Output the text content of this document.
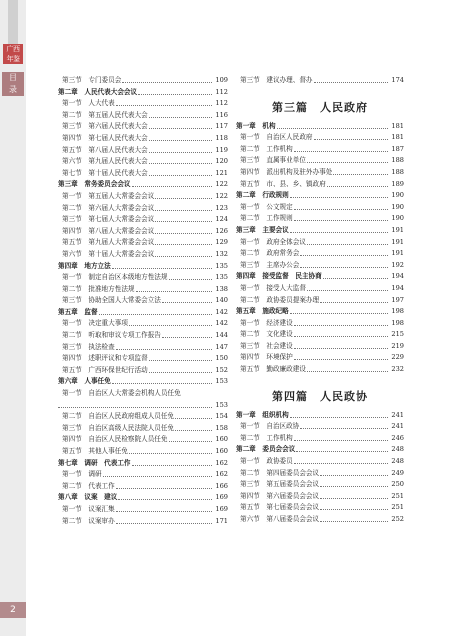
广西
年鉴
目
录
2
第三节　专门委员会	109
第二章　人民代表大会会议	112
第一节　人大代表	112
第二节　第五届人民代表大会	116
第三节　第六届人民代表大会	117
第四节　第七届人民代表大会	118
第五节　第八届人民代表大会	119
第六节　第九届人民代表大会	120
第七节　第十届人民代表大会	121
第三章　常务委员会会议	122
第一节　第五届人大常委会会议	122
第二节　第六届人大常委会会议	123
第三节　第七届人大常委会会议	124
第四节　第八届人大常委会会议	126
第五节　第九届人大常委会会议	129
第六节　第十届人大常委会会议	132
第四章　地方立法	135
第一节　制定自治区本级地方性法规	135
第二节　批准地方性法规	138
第三节　协助全国人大常委会立法	140
第五章　监督	142
第一节　决定重大事项	142
第二节　听取和审议专项工作报告	144
第三节　执法检查	147
第四节　述职评议和专项监督	150
第五节　广西环保世纪行活动	152
第六章　人事任免	153
第一节　自治区人大常委会机构人员任免
153
第二节　自治区人民政府组成人员任免	154
第三节　自治区高级人民法院人员任免	158
第四节　自治区人民检察院人员任免	160
第五节　其他人事任免	160
第七章　调研　代表工作	162
第一节　调研	162
第二节　代表工作	166
第八章　议案　建议	169
第一节　议案汇集	169
第二节　议案审办	171
第三节　建议办理、督办	174
第三篇　人民政府
第一章　机构	181
第一节　自治区人民政府	181
第二节　工作机构	187
第三节　直属事业单位	188
第四节　派出机构及驻外办事处	188
第五节　市、县、乡、镇政府	189
第二章　行政规则	190
第一节　公文规定	190
第二节　工作规则	190
第三章　主要会议	191
第一节　政府全体会议	191
第二节　政府常务会	191
第三节　主席办公会	192
第四章　接受监督　民主协商	194
第一节　接受人大监督	194
第二节　政协委员提案办理	197
第五章　施政纪略	198
第一节　经济建设	198
第二节　文化建设	215
第三节　社会建设	219
第四节　环境保护	229
第五节　勤政廉政建设	232
第四篇　人民政协
第一章　组织机构	241
第一节　自治区政协	241
第二节　工作机构	246
第二章　委员会会议	248
第一节　政协委员	248
第二节　第四届委员会会议	249
第三节　第五届委员会会议	250
第四节　第六届委员会会议	251
第五节　第七届委员会会议	251
第六节　第八届委员会会议	252
